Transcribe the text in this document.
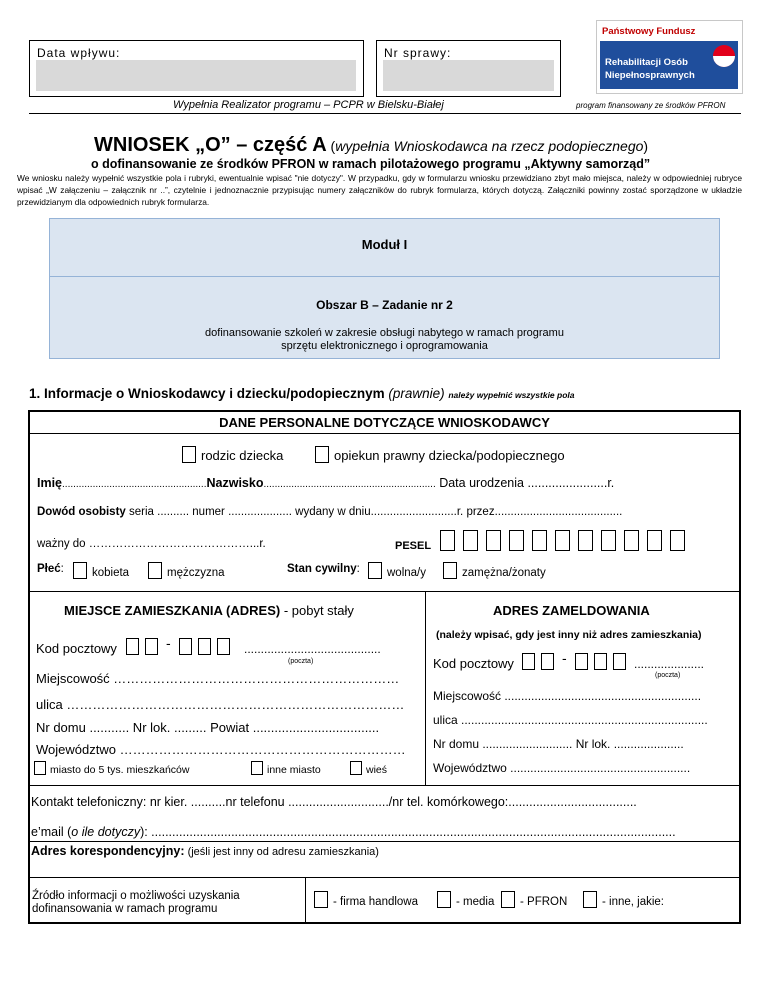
Data wpływu:	Nr sprawy:
Wypełnia Realizator programu – PCPR w Bielsku-Białej	program finansowany ze środków PFRON
Państwowy Fundusz
Rehabilitacji Osób
Niepełnosprawnych
WNIOSEK „O” – część A (wypełnia Wnioskodawca na rzecz podopiecznego)
o dofinansowanie ze środków PFRON w ramach pilotażowego programu „Aktywny samorząd”
We wniosku należy wypełnić wszystkie pola i rubryki, ewentualnie wpisać "nie dotyczy". W przypadku, gdy w formularzu wniosku przewidziano zbyt mało miejsca, należy w odpowiedniej rubryce wpisać „W załączeniu – załącznik nr ..”, czytelnie i jednoznacznie przypisując numery załączników do rubryk formularza, których dotyczą. Załączniki powinny zostać sporządzone w układzie przewidzianym dla odpowiednich rubryk formularza.
Moduł I
Obszar B – Zadanie nr 2
dofinansowanie szkoleń w zakresie obsługi nabytego w ramach programu
sprzętu elektronicznego i oprogramowania
1. Informacje o Wnioskodawcy i dziecku/podopiecznym (prawnie) należy wypełnić wszystkie pola
DANE PERSONALNE DOTYCZĄCE WNIOSKODAWCY
rodzic dziecka	opiekun prawny dziecka/podopiecznego
Imię....................................................Nazwisko.............................................................. Data urodzenia .......................r.
Dowód osobisty seria .......... numer .................... wydany w dniu...........................r. przez........................................
ważny do ……………………………………...r.	PESEL
Płeć:	kobieta	mężczyzna	Stan cywilny:	wolna/y	zamężna/żonaty
MIEJSCE ZAMIESZKANIA (ADRES) - pobyt stały
Kod pocztowy	-	.........................................
(poczta)
Miejscowość …………………………………………………………
ulica ……………………………………………………………………
Nr domu ........... Nr lok. ......... Powiat ...................................
Województwo …………………………………………………………
miasto do 5 tys. mieszkańców	inne miasto	wieś
ADRES ZAMELDOWANIA
(należy wpisać, gdy jest inny niż adres zamieszkania)
Kod pocztowy	-	.....................
(poczta)
Miejscowość ...........................................................
ulica ..........................................................................
Nr domu ........................... Nr lok. .....................
Województwo ......................................................
Kontakt telefoniczny: nr kier. ..........nr telefonu ............................./nr tel. komórkowego:.....................................
e’mail (o ile dotyczy): .......................................................................................................................................................
Adres korespondencyjny: (jeśli jest inny od adresu zamieszkania)
Źródło informacji o możliwości uzyskania
dofinansowania w ramach programu
- firma handlowa	- media	- PFRON	- inne, jakie:
